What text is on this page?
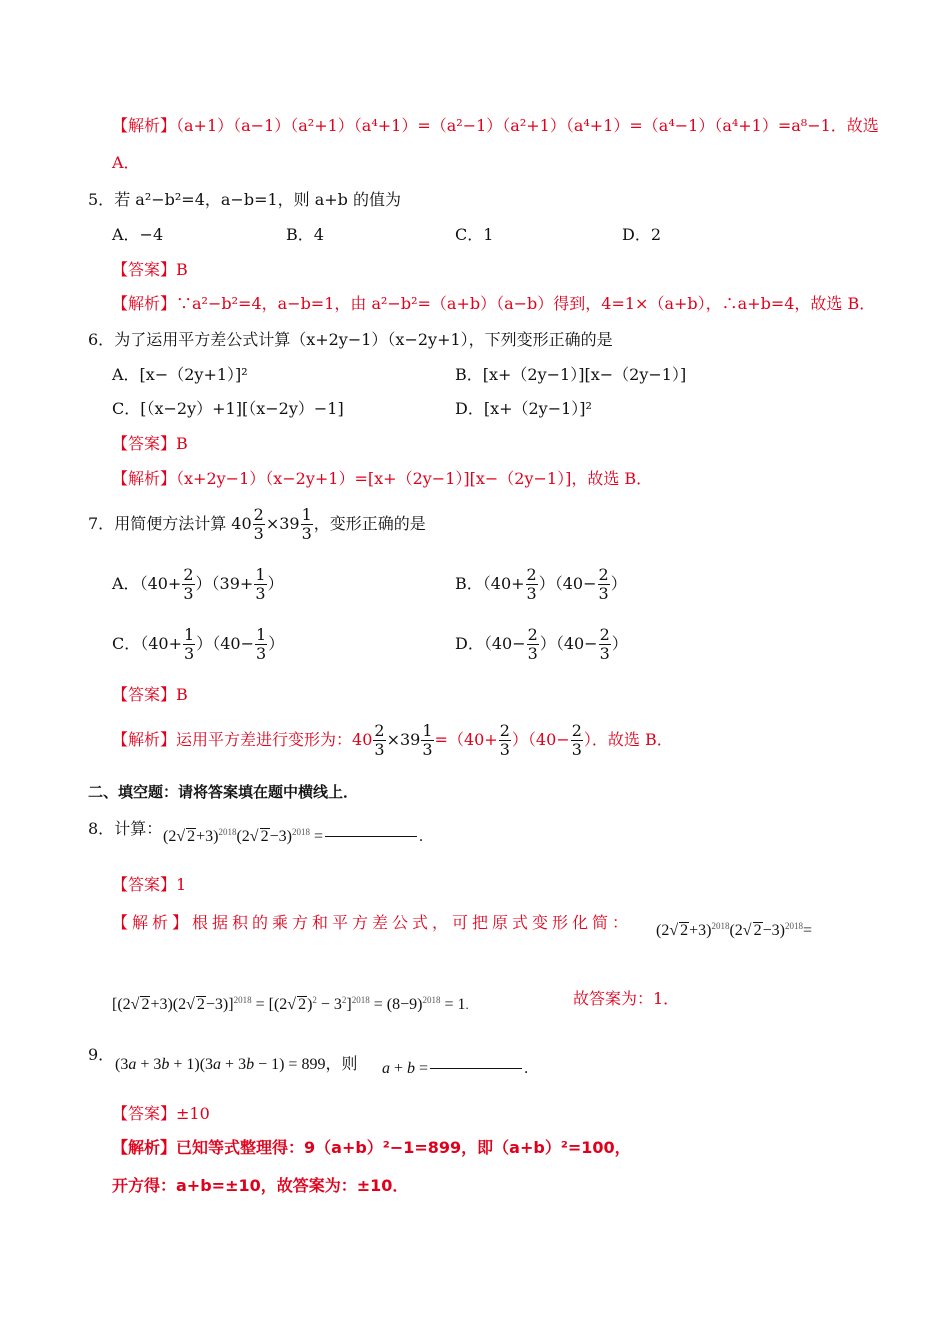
【解析】（a+1）（a−1）（a²+1）（a⁴+1）=（a²−1）（a²+1）（a⁴+1）=（a⁴−1）（a⁴+1）=a⁸−1．故选
A．
5．若 a²−b²=4，a−b=1，则 a+b 的值为
A．−4	B．4	C．1	D．2
【答案】B
【解析】∵a²−b²=4，a−b=1，由 a²−b²=（a+b）（a−b）得到，4=1×（a+b），∴a+b=4，故选 B．
6．为了运用平方差公式计算（x+2y−1）（x−2y+1），下列变形正确的是
A．[x−（2y+1）]²	B．[x+（2y−1）][x−（2y−1）]
C．[（x−2y）+1][（x−2y）−1]	D．[x+（2y−1）]²
【答案】B
【解析】（x+2y−1）（x−2y+1）=[x+（2y−1）][x−（2y−1）]，故选 B．
7．用简便方法计算 $40 \frac{2}{3} \times 39 \frac{1}{3}$ ，变形正确的是
A．$(40+ \frac{2}{3} )(39+ \frac{1}{3}$ ）	B．$(40+ \frac{2}{3} )(40- \frac{2}{3}$ ）
C．$(40+ \frac{1}{3} )(40- \frac{1}{3}$ ）	D．$(40- \frac{2}{3} )(40- \frac{2}{3}$ ）
【答案】B
【解析】运用平方差进行变形为：$40 \frac{2}{3} \times 39 \frac{1}{3} =(40+ \frac{2}{3} )(40- \frac{2}{3}$ ）．故选 B．
二、填空题：请将答案填在题中横线上．
8．计算： (2√ 2+3)$^{2018}$(2√ 2−3)$^{2018}$ =	.
【答案】1
【解析】根据积的乘方和平方差公式，可把原式变形化简： (2√ 2+3)$^{2018}$(2√ 2−3)$^{2018}$=
[(2√ 2+3)(2√ 2−3)]$^{2018}$ = [(2√ $2)^2 - 3^2]^{2018} = (8-9)^{2018} = 1$.	故答案为：1．
9．
(3a + 3b + 1)(3a + 3b − 1) = 899，则 a + b =	.
【答案】±10
【解析】已知等式整理得：9（a+b）²−1=899，即（a+b）²=100，
开方得：a+b=±10，故答案为：±10．
